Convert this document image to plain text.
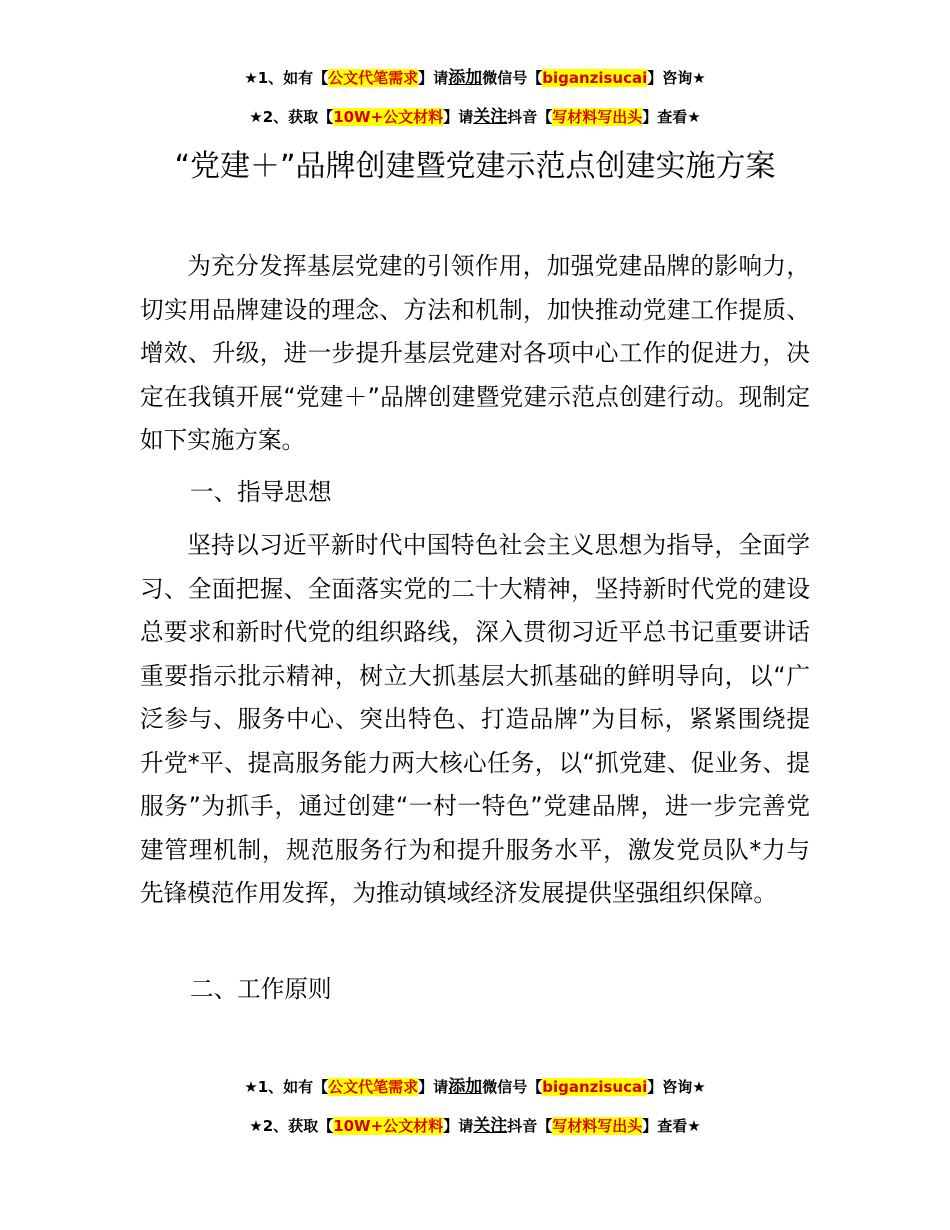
★1、如有【公文代笔需求】请添加微信号【biganzisucai】咨询★
★2、获取【10W+公文材料】请关注抖音【写材料写出头】查看★
“党建＋”品牌创建暨党建示范点创建实施方案

为充分发挥基层党建的引领作用，加强党建品牌的影响力，切实用品牌建设的理念、方法和机制，加快推动党建工作提质、增效、升级，进一步提升基层党建对各项中心工作的促进力，决定在我镇开展“党建＋”品牌创建暨党建示范点创建行动。现制定如下实施方案。

一、指导思想

坚持以习近平新时代中国特色社会主义思想为指导，全面学习、全面把握、全面落实党的二十大精神，坚持新时代党的建设总要求和新时代党的组织路线，深入贯彻习近平总书记重要讲话重要指示批示精神，树立大抓基层大抓基础的鲜明导向，以“广泛参与、服务中心、突出特色、打造品牌”为目标，紧紧围绕提升党*平、提高服务能力两大核心任务，以“抓党建、促业务、提服务”为抓手，通过创建“一村一特色”党建品牌，进一步完善党建管理机制，规范服务行为和提升服务水平，激发党员队*力与先锋模范作用发挥，为推动镇域经济发展提供坚强组织保障。

二、工作原则

★1、如有【公文代笔需求】请添加微信号【biganzisucai】咨询★
★2、获取【10W+公文材料】请关注抖音【写材料写出头】查看★
